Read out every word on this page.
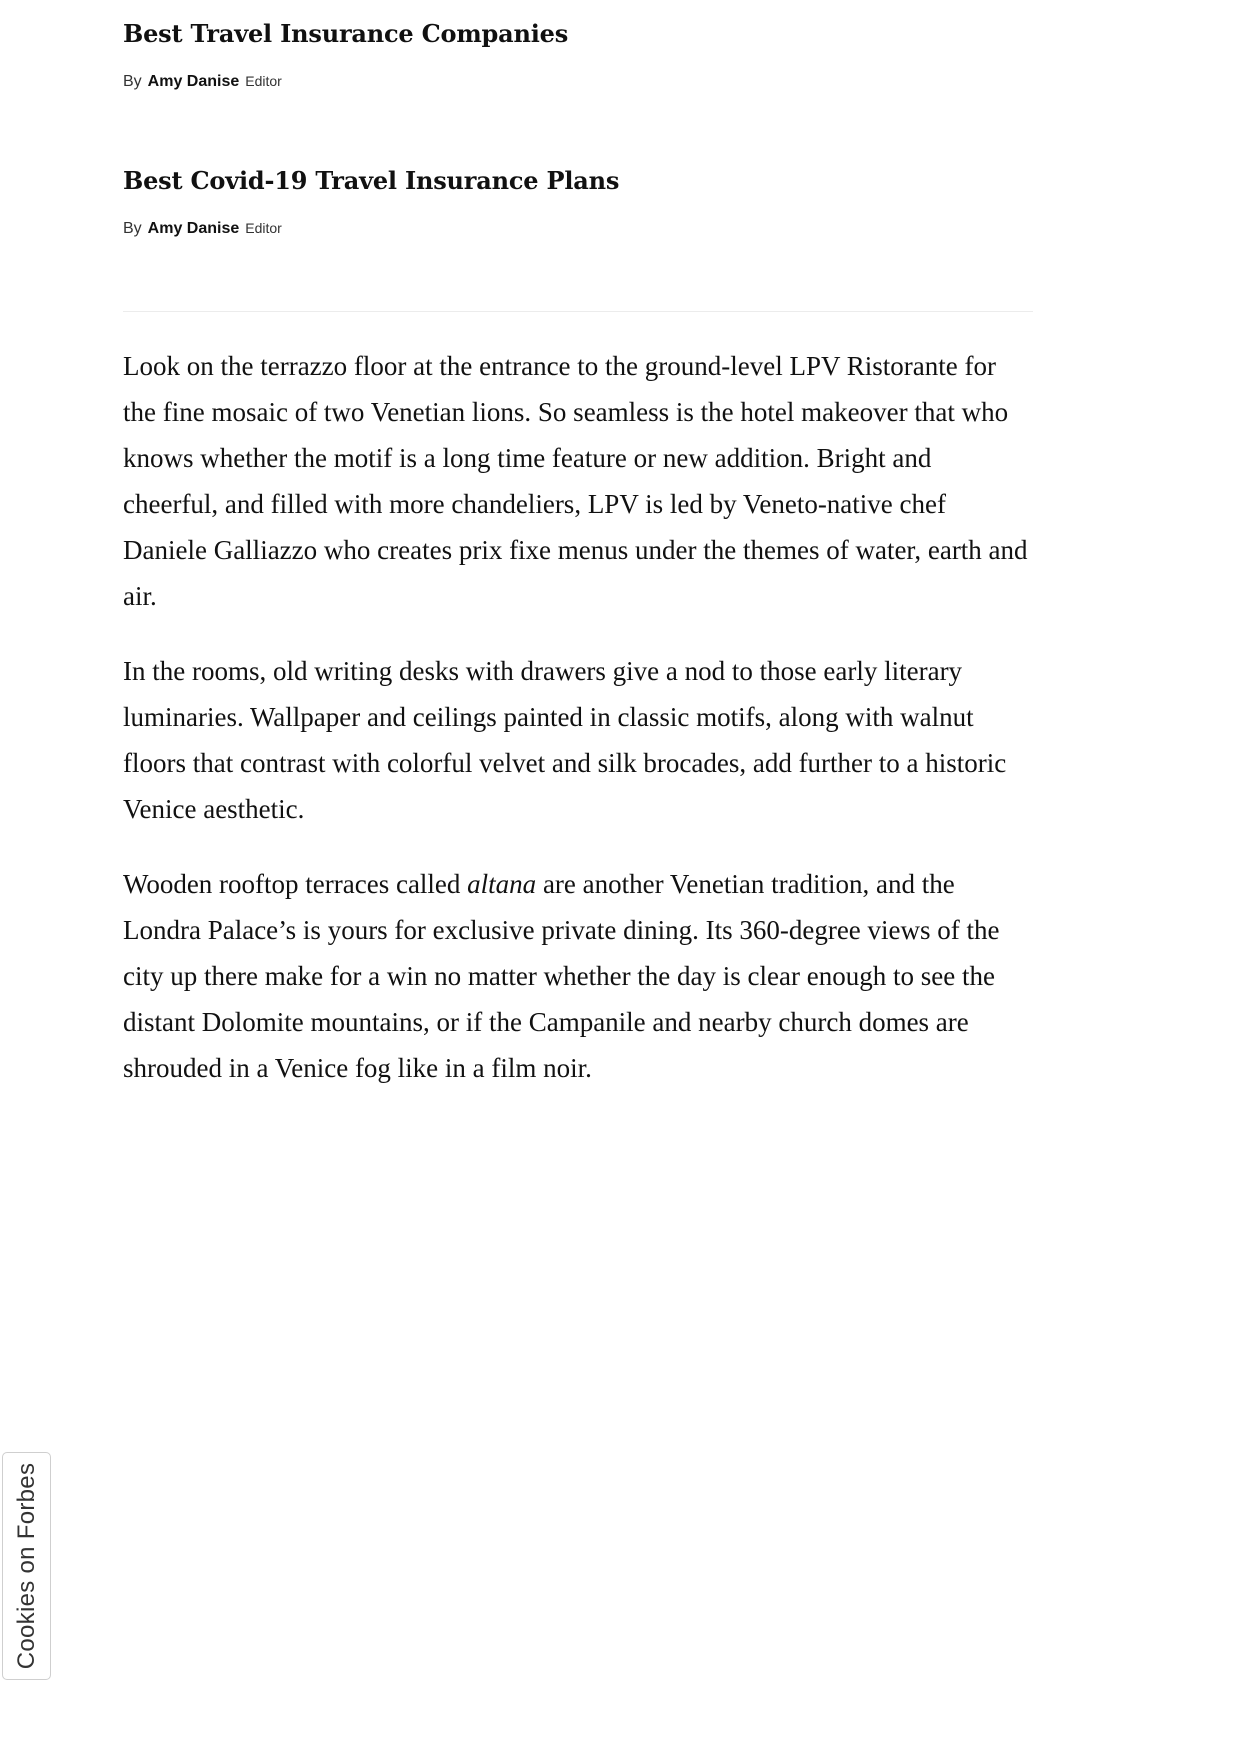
Best Travel Insurance Companies
By Amy Danise Editor
Best Covid-19 Travel Insurance Plans
By Amy Danise Editor

Look on the terrazzo floor at the entrance to the ground-level LPV Ristorante for the fine mosaic of two Venetian lions. So seamless is the hotel makeover that who knows whether the motif is a long time feature or new addition. Bright and cheerful, and filled with more chandeliers, LPV is led by Veneto-native chef Daniele Galliazzo who creates prix fixe menus under the themes of water, earth and air.

In the rooms, old writing desks with drawers give a nod to those early literary luminaries. Wallpaper and ceilings painted in classic motifs, along with walnut floors that contrast with colorful velvet and silk brocades, add further to a historic Venice aesthetic.

Wooden rooftop terraces called altana are another Venetian tradition, and the Londra Palace’s is yours for exclusive private dining. Its 360-degree views of the city up there make for a win no matter whether the day is clear enough to see the distant Dolomite mountains, or if the Campanile and nearby church domes are shrouded in a Venice fog like in a film noir.

Cookies on Forbes
